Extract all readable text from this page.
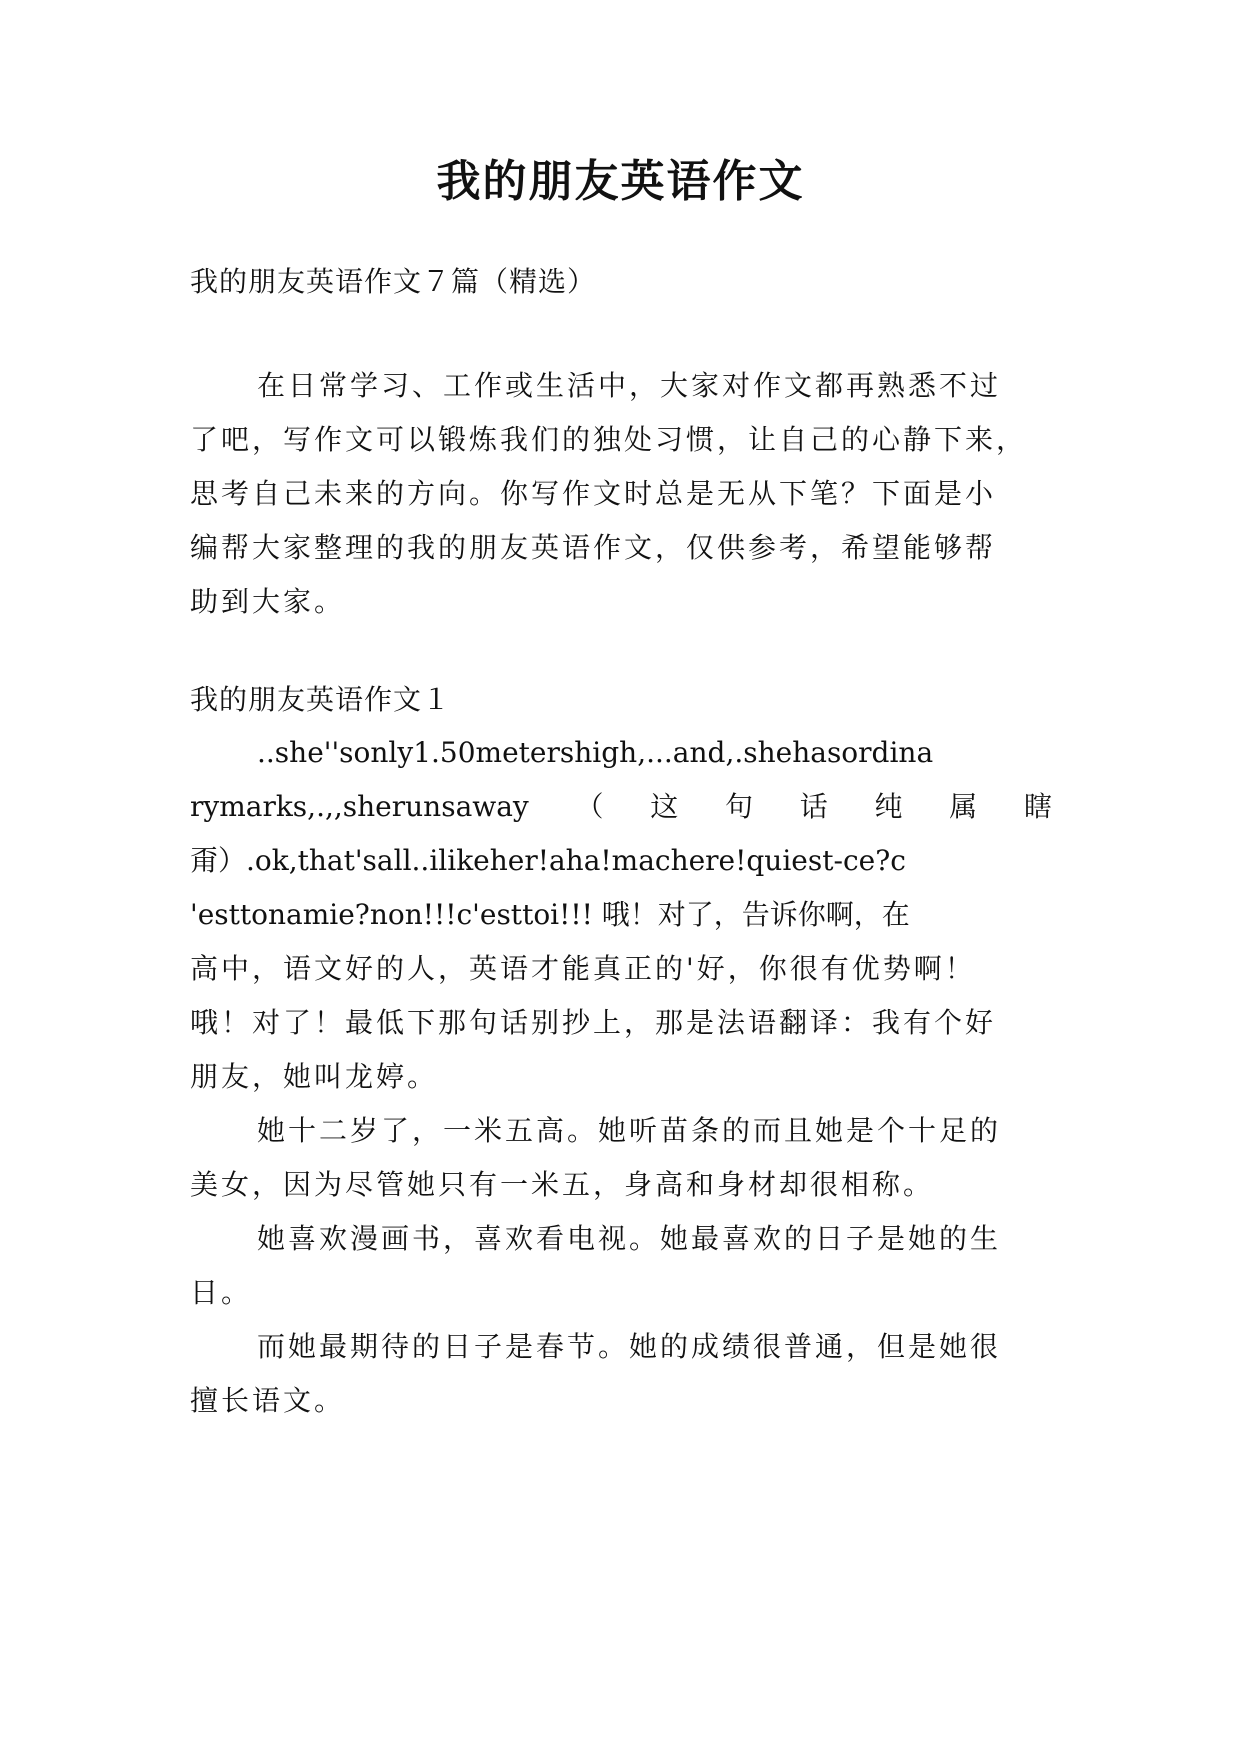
我的朋友英语作文

我的朋友英语作文７篇（精选）

在日常学习、工作或生活中，大家对作文都再熟悉不过

了吧，写作文可以锻炼我们的独处习惯，让自己的心静下来，

思考自己未来的方向。你写作文时总是无从下笔？下面是小

编帮大家整理的我的朋友英语作文，仅供参考，希望能够帮

助到大家。

我的朋友英语作文１

..she''sonly1.50metershigh,...and,.shehasordina

rymarks,.,,sherunsaway （ 这 句 话 纯 属 瞎

甭）.ok,that'sall..ilikeher!aha!machere!quiest-ce?c

'esttonamie?non!!!c'esttoi!!! 哦！对了，告诉你啊，在

高中，语文好的人，英语才能真正的'好，你很有优势啊！

哦！对了！最低下那句话别抄上，那是法语翻译：我有个好

朋友，她叫龙婷。

她十二岁了，一米五高。她听苗条的而且她是个十足的

美女，因为尽管她只有一米五，身高和身材却很相称。

她喜欢漫画书，喜欢看电视。她最喜欢的日子是她的生

日。

而她最期待的日子是春节。她的成绩很普通，但是她很

擅长语文。
